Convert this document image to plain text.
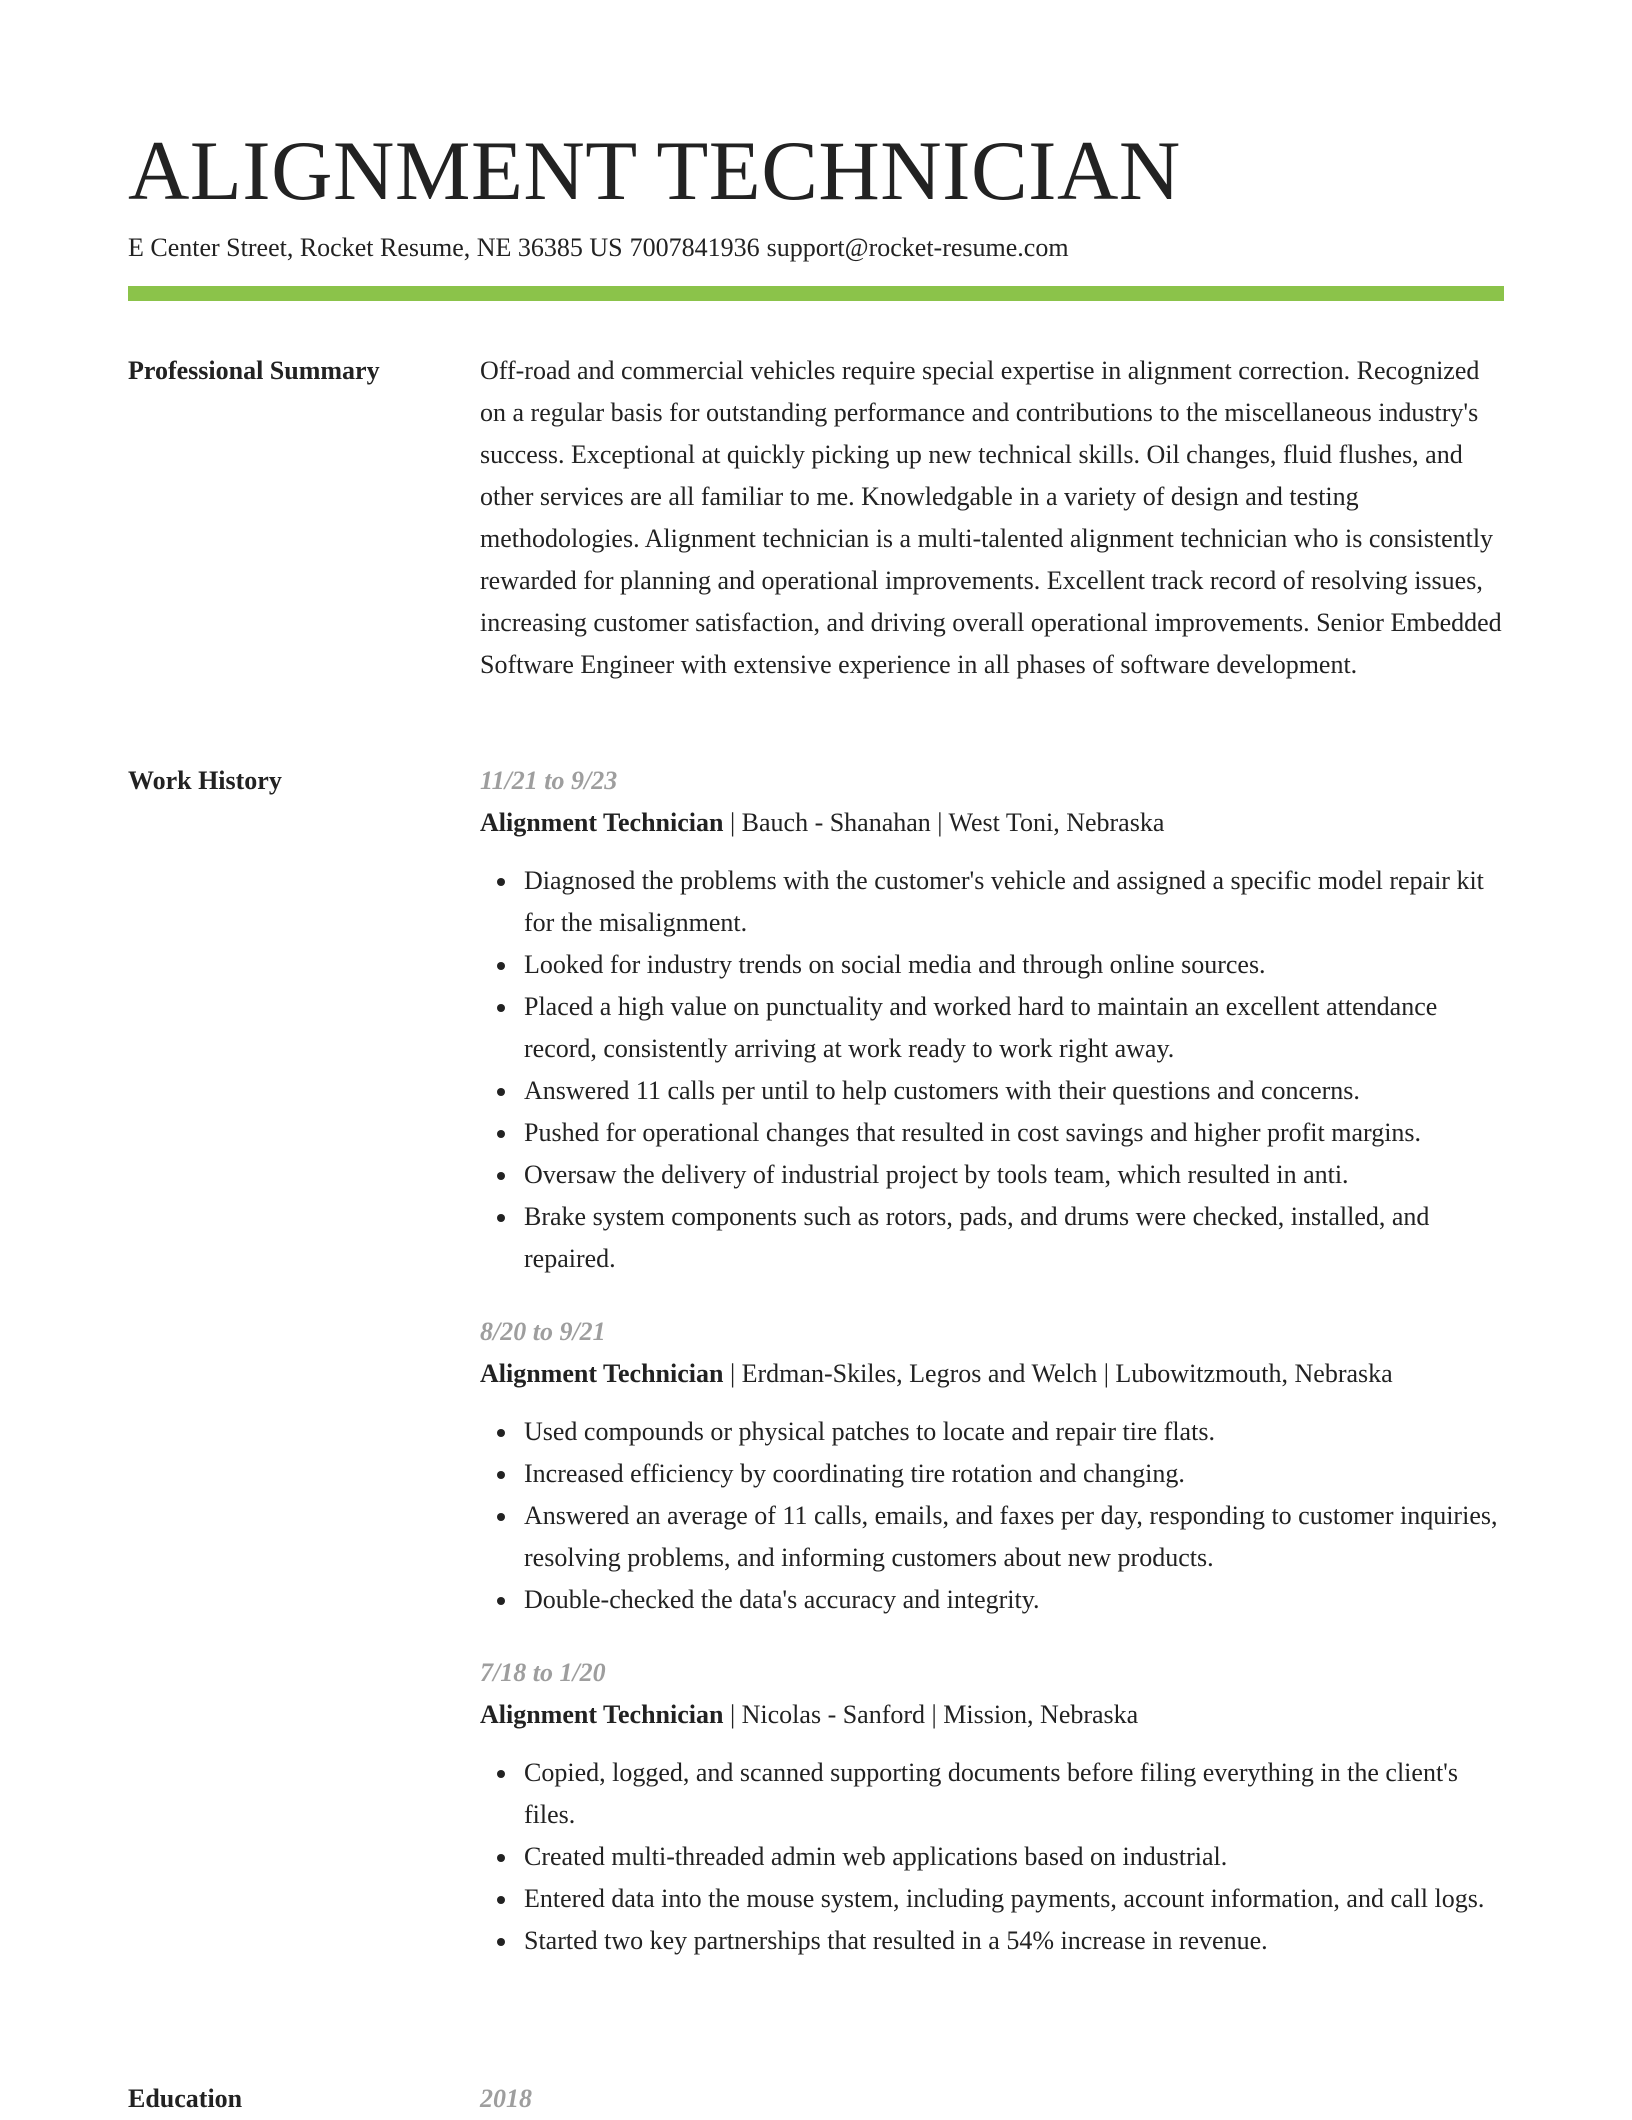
ALIGNMENT TECHNICIAN
E Center Street, Rocket Resume, NE 36385 US 7007841936 support@rocket-resume.com
Professional Summary	Off-road and commercial vehicles require special expertise in alignment correction. Recognized on a regular basis for outstanding performance and contributions to the miscellaneous industry's success. Exceptional at quickly picking up new technical skills. Oil changes, fluid flushes, and other services are all familiar to me. Knowledgable in a variety of design and testing methodologies. Alignment technician is a multi-talented alignment technician who is consistently rewarded for planning and operational improvements. Excellent track record of resolving issues, increasing customer satisfaction, and driving overall operational improvements. Senior Embedded Software Engineer with extensive experience in all phases of software development.

Work History	11/21 to 9/23
Alignment Technician | Bauch - Shanahan | West Toni, Nebraska
Diagnosed the problems with the customer's vehicle and assigned a specific model repair kit for the misalignment.
Looked for industry trends on social media and through online sources.
Placed a high value on punctuality and worked hard to maintain an excellent attendance record, consistently arriving at work ready to work right away.
Answered 11 calls per until to help customers with their questions and concerns.
Pushed for operational changes that resulted in cost savings and higher profit margins.
Oversaw the delivery of industrial project by tools team, which resulted in anti.
Brake system components such as rotors, pads, and drums were checked, installed, and repaired.
8/20 to 9/21
Alignment Technician | Erdman-Skiles, Legros and Welch | Lubowitzmouth, Nebraska
Used compounds or physical patches to locate and repair tire flats.
Increased efficiency by coordinating tire rotation and changing.
Answered an average of 11 calls, emails, and faxes per day, responding to customer inquiries, resolving problems, and informing customers about new products.
Double-checked the data's accuracy and integrity.
7/18 to 1/20
Alignment Technician | Nicolas - Sanford | Mission, Nebraska
Copied, logged, and scanned supporting documents before filing everything in the client's files.
Created multi-threaded admin web applications based on industrial.
Entered data into the mouse system, including payments, account information, and call logs.
Started two key partnerships that resulted in a 54% increase in revenue.
Education	2018
